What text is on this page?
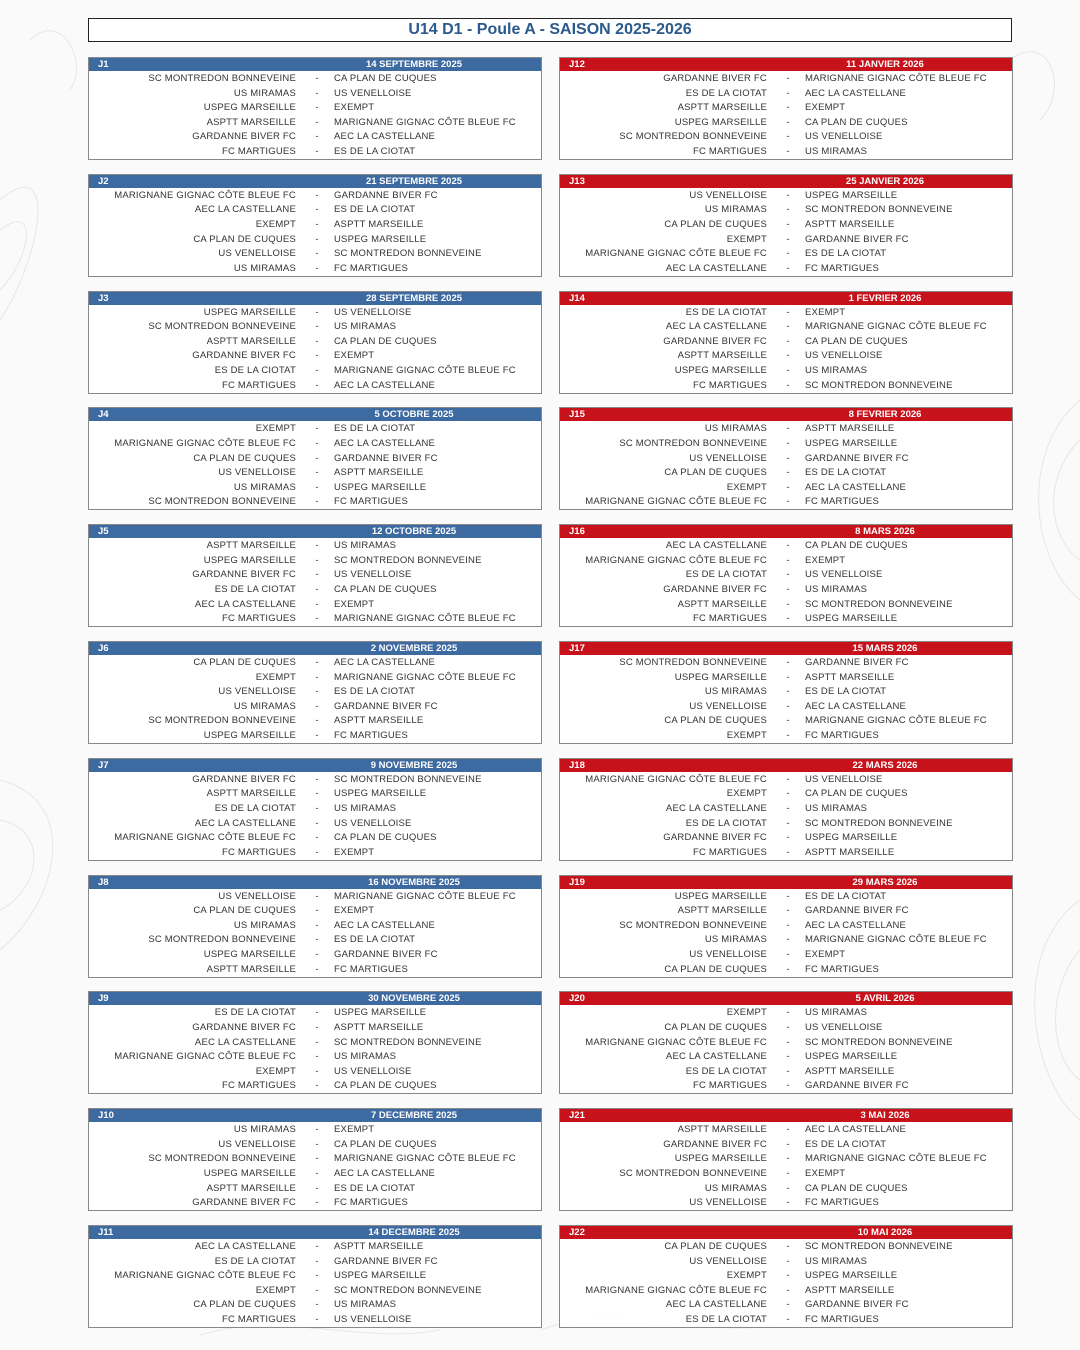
U14 D1 - Poule A - SAISON 2025-2026
J1	14 SEPTEMBRE 2025
SC MONTREDON BONNEVEINE	-	CA PLAN DE CUQUES
US MIRAMAS	-	US VENELLOISE
USPEG MARSEILLE	-	EXEMPT
ASPTT MARSEILLE	-	MARIGNANE GIGNAC CÔTE BLEUE FC
GARDANNE BIVER FC	-	AEC LA CASTELLANE
FC MARTIGUES	-	ES DE LA CIOTAT
J2	21 SEPTEMBRE 2025
MARIGNANE GIGNAC CÔTE BLEUE FC	-	GARDANNE BIVER FC
AEC LA CASTELLANE	-	ES DE LA CIOTAT
EXEMPT	-	ASPTT MARSEILLE
CA PLAN DE CUQUES	-	USPEG MARSEILLE
US VENELLOISE	-	SC MONTREDON BONNEVEINE
US MIRAMAS	-	FC MARTIGUES
J3	28 SEPTEMBRE 2025
USPEG MARSEILLE	-	US VENELLOISE
SC MONTREDON BONNEVEINE	-	US MIRAMAS
ASPTT MARSEILLE	-	CA PLAN DE CUQUES
GARDANNE BIVER FC	-	EXEMPT
ES DE LA CIOTAT	-	MARIGNANE GIGNAC CÔTE BLEUE FC
FC MARTIGUES	-	AEC LA CASTELLANE
J4	5 OCTOBRE 2025
EXEMPT	-	ES DE LA CIOTAT
MARIGNANE GIGNAC CÔTE BLEUE FC	-	AEC LA CASTELLANE
CA PLAN DE CUQUES	-	GARDANNE BIVER FC
US VENELLOISE	-	ASPTT MARSEILLE
US MIRAMAS	-	USPEG MARSEILLE
SC MONTREDON BONNEVEINE	-	FC MARTIGUES
J5	12 OCTOBRE 2025
ASPTT MARSEILLE	-	US MIRAMAS
USPEG MARSEILLE	-	SC MONTREDON BONNEVEINE
GARDANNE BIVER FC	-	US VENELLOISE
ES DE LA CIOTAT	-	CA PLAN DE CUQUES
AEC LA CASTELLANE	-	EXEMPT
FC MARTIGUES	-	MARIGNANE GIGNAC CÔTE BLEUE FC
J6	2 NOVEMBRE 2025
CA PLAN DE CUQUES	-	AEC LA CASTELLANE
EXEMPT	-	MARIGNANE GIGNAC CÔTE BLEUE FC
US VENELLOISE	-	ES DE LA CIOTAT
US MIRAMAS	-	GARDANNE BIVER FC
SC MONTREDON BONNEVEINE	-	ASPTT MARSEILLE
USPEG MARSEILLE	-	FC MARTIGUES
J7	9 NOVEMBRE 2025
GARDANNE BIVER FC	-	SC MONTREDON BONNEVEINE
ASPTT MARSEILLE	-	USPEG MARSEILLE
ES DE LA CIOTAT	-	US MIRAMAS
AEC LA CASTELLANE	-	US VENELLOISE
MARIGNANE GIGNAC CÔTE BLEUE FC	-	CA PLAN DE CUQUES
FC MARTIGUES	-	EXEMPT
J8	16 NOVEMBRE 2025
US VENELLOISE	-	MARIGNANE GIGNAC CÔTE BLEUE FC
CA PLAN DE CUQUES	-	EXEMPT
US MIRAMAS	-	AEC LA CASTELLANE
SC MONTREDON BONNEVEINE	-	ES DE LA CIOTAT
USPEG MARSEILLE	-	GARDANNE BIVER FC
ASPTT MARSEILLE	-	FC MARTIGUES
J9	30 NOVEMBRE 2025
ES DE LA CIOTAT	-	USPEG MARSEILLE
GARDANNE BIVER FC	-	ASPTT MARSEILLE
AEC LA CASTELLANE	-	SC MONTREDON BONNEVEINE
MARIGNANE GIGNAC CÔTE BLEUE FC	-	US MIRAMAS
EXEMPT	-	US VENELLOISE
FC MARTIGUES	-	CA PLAN DE CUQUES
J10	7 DECEMBRE 2025
US MIRAMAS	-	EXEMPT
US VENELLOISE	-	CA PLAN DE CUQUES
SC MONTREDON BONNEVEINE	-	MARIGNANE GIGNAC CÔTE BLEUE FC
USPEG MARSEILLE	-	AEC LA CASTELLANE
ASPTT MARSEILLE	-	ES DE LA CIOTAT
GARDANNE BIVER FC	-	FC MARTIGUES
J11	14 DECEMBRE 2025
AEC LA CASTELLANE	-	ASPTT MARSEILLE
ES DE LA CIOTAT	-	GARDANNE BIVER FC
MARIGNANE GIGNAC CÔTE BLEUE FC	-	USPEG MARSEILLE
EXEMPT	-	SC MONTREDON BONNEVEINE
CA PLAN DE CUQUES	-	US MIRAMAS
FC MARTIGUES	-	US VENELLOISE
J12	11 JANVIER 2026
GARDANNE BIVER FC	-	MARIGNANE GIGNAC CÔTE BLEUE FC
ES DE LA CIOTAT	-	AEC LA CASTELLANE
ASPTT MARSEILLE	-	EXEMPT
USPEG MARSEILLE	-	CA PLAN DE CUQUES
SC MONTREDON BONNEVEINE	-	US VENELLOISE
FC MARTIGUES	-	US MIRAMAS
J13	25 JANVIER 2026
US VENELLOISE	-	USPEG MARSEILLE
US MIRAMAS	-	SC MONTREDON BONNEVEINE
CA PLAN DE CUQUES	-	ASPTT MARSEILLE
EXEMPT	-	GARDANNE BIVER FC
MARIGNANE GIGNAC CÔTE BLEUE FC	-	ES DE LA CIOTAT
AEC LA CASTELLANE	-	FC MARTIGUES
J14	1 FEVRIER 2026
ES DE LA CIOTAT	-	EXEMPT
AEC LA CASTELLANE	-	MARIGNANE GIGNAC CÔTE BLEUE FC
GARDANNE BIVER FC	-	CA PLAN DE CUQUES
ASPTT MARSEILLE	-	US VENELLOISE
USPEG MARSEILLE	-	US MIRAMAS
FC MARTIGUES	-	SC MONTREDON BONNEVEINE
J15	8 FEVRIER 2026
US MIRAMAS	-	ASPTT MARSEILLE
SC MONTREDON BONNEVEINE	-	USPEG MARSEILLE
US VENELLOISE	-	GARDANNE BIVER FC
CA PLAN DE CUQUES	-	ES DE LA CIOTAT
EXEMPT	-	AEC LA CASTELLANE
MARIGNANE GIGNAC CÔTE BLEUE FC	-	FC MARTIGUES
J16	8 MARS 2026
AEC LA CASTELLANE	-	CA PLAN DE CUQUES
MARIGNANE GIGNAC CÔTE BLEUE FC	-	EXEMPT
ES DE LA CIOTAT	-	US VENELLOISE
GARDANNE BIVER FC	-	US MIRAMAS
ASPTT MARSEILLE	-	SC MONTREDON BONNEVEINE
FC MARTIGUES	-	USPEG MARSEILLE
J17	15 MARS 2026
SC MONTREDON BONNEVEINE	-	GARDANNE BIVER FC
USPEG MARSEILLE	-	ASPTT MARSEILLE
US MIRAMAS	-	ES DE LA CIOTAT
US VENELLOISE	-	AEC LA CASTELLANE
CA PLAN DE CUQUES	-	MARIGNANE GIGNAC CÔTE BLEUE FC
EXEMPT	-	FC MARTIGUES
J18	22 MARS 2026
MARIGNANE GIGNAC CÔTE BLEUE FC	-	US VENELLOISE
EXEMPT	-	CA PLAN DE CUQUES
AEC LA CASTELLANE	-	US MIRAMAS
ES DE LA CIOTAT	-	SC MONTREDON BONNEVEINE
GARDANNE BIVER FC	-	USPEG MARSEILLE
FC MARTIGUES	-	ASPTT MARSEILLE
J19	29 MARS 2026
USPEG MARSEILLE	-	ES DE LA CIOTAT
ASPTT MARSEILLE	-	GARDANNE BIVER FC
SC MONTREDON BONNEVEINE	-	AEC LA CASTELLANE
US MIRAMAS	-	MARIGNANE GIGNAC CÔTE BLEUE FC
US VENELLOISE	-	EXEMPT
CA PLAN DE CUQUES	-	FC MARTIGUES
J20	5 AVRIL 2026
EXEMPT	-	US MIRAMAS
CA PLAN DE CUQUES	-	US VENELLOISE
MARIGNANE GIGNAC CÔTE BLEUE FC	-	SC MONTREDON BONNEVEINE
AEC LA CASTELLANE	-	USPEG MARSEILLE
ES DE LA CIOTAT	-	ASPTT MARSEILLE
FC MARTIGUES	-	GARDANNE BIVER FC
J21	3 MAI 2026
ASPTT MARSEILLE	-	AEC LA CASTELLANE
GARDANNE BIVER FC	-	ES DE LA CIOTAT
USPEG MARSEILLE	-	MARIGNANE GIGNAC CÔTE BLEUE FC
SC MONTREDON BONNEVEINE	-	EXEMPT
US MIRAMAS	-	CA PLAN DE CUQUES
US VENELLOISE	-	FC MARTIGUES
J22	10 MAI 2026
CA PLAN DE CUQUES	-	SC MONTREDON BONNEVEINE
US VENELLOISE	-	US MIRAMAS
EXEMPT	-	USPEG MARSEILLE
MARIGNANE GIGNAC CÔTE BLEUE FC	-	ASPTT MARSEILLE
AEC LA CASTELLANE	-	GARDANNE BIVER FC
ES DE LA CIOTAT	-	FC MARTIGUES
